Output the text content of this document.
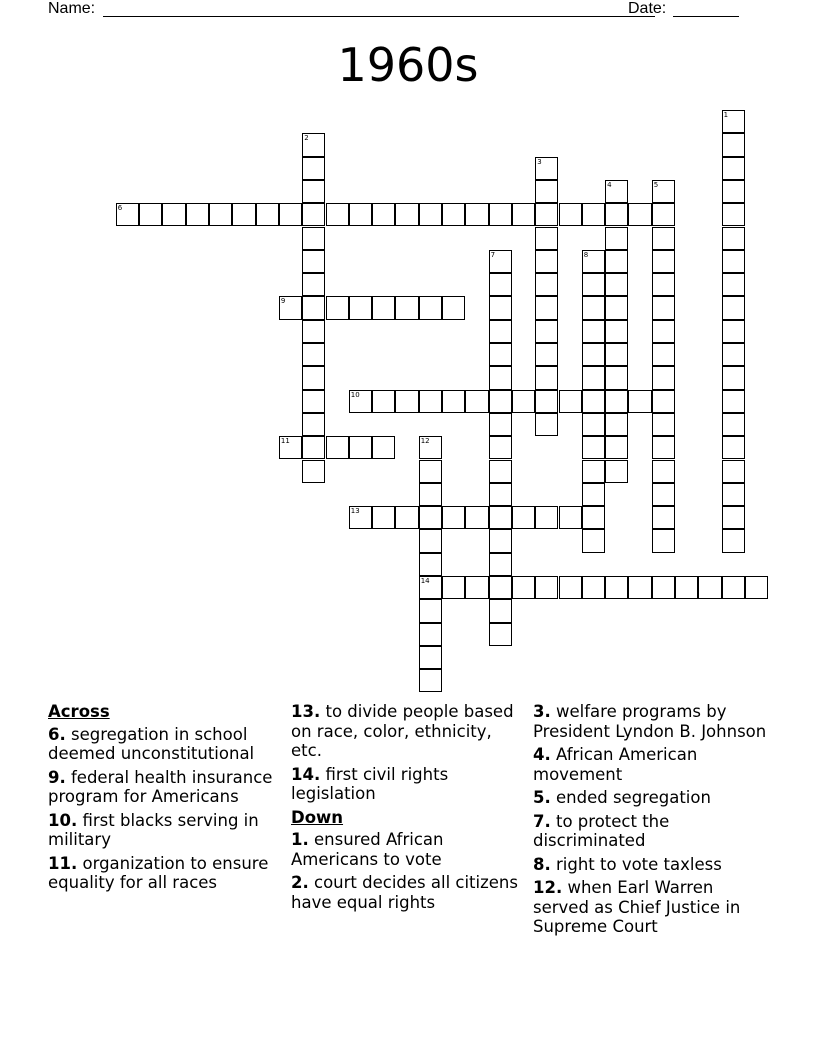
Name:	Date:
1960s
1
2
3
4	5
6
7	8
9
10
11	12
14
13
Across
6. segregation in school deemed unconstitutional
9. federal health insurance program for Americans
10. first blacks serving in military
11. organization to ensure equality for all races
13. to divide people based on race, color, ethnicity, etc.
14. first civil rights legislation
Down
1. ensured African Americans to vote
2. court decides all citizens have equal rights
3. welfare programs by President Lyndon B. Johnson
4. African American movement
5. ended segregation
7. to protect the discriminated
8. right to vote taxless
12. when Earl Warren served as Chief Justice in Supreme Court
